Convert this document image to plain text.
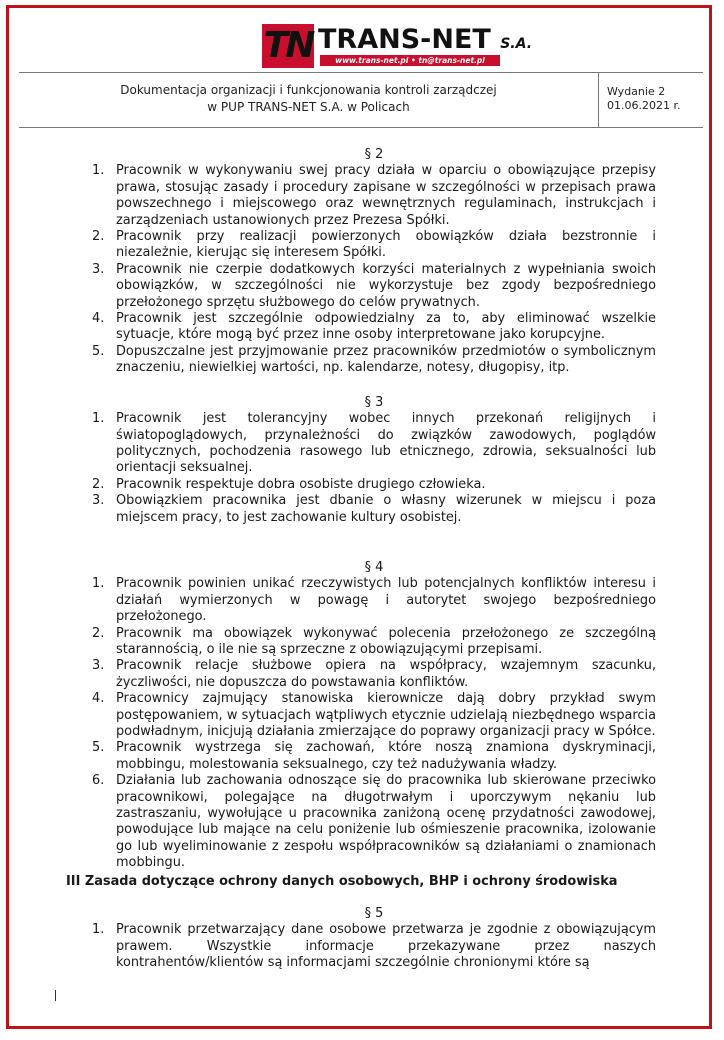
TN TRANS-NET S.A.
www.trans-net.pl • tn@trans-net.pl
Dokumentacja organizacji i funkcjonowania kontroli zarządczej
w PUP TRANS-NET S.A. w Policach
Wydanie 2
01.06.2021 r.

§ 2

1. Pracownik w wykonywaniu swej pracy działa w oparciu o obowiązujące przepisy prawa, stosując zasady i procedury zapisane w szczególności w przepisach prawa powszechnego i miejscowego oraz wewnętrznych regulaminach, instrukcjach i zarządzeniach ustanowionych przez Prezesa Spółki.
2. Pracownik przy realizacji powierzonych obowiązków działa bezstronnie i niezależnie, kierując się interesem Spółki.
3. Pracownik nie czerpie dodatkowych korzyści materialnych z wypełniania swoich obowiązków, w szczególności nie wykorzystuje bez zgody bezpośredniego przełożonego sprzętu służbowego do celów prywatnych.
4. Pracownik jest szczególnie odpowiedzialny za to, aby eliminować wszelkie sytuacje, które mogą być przez inne osoby interpretowane jako korupcyjne.
5. Dopuszczalne jest przyjmowanie przez pracowników przedmiotów o symbolicznym znaczeniu, niewielkiej wartości, np. kalendarze, notesy, długopisy, itp.

§ 3

1. Pracownik jest tolerancyjny wobec innych przekonań religijnych i światopoglądowych, przynależności do związków zawodowych, poglądów politycznych, pochodzenia rasowego lub etnicznego, zdrowia, seksualności lub orientacji seksualnej.
2. Pracownik respektuje dobra osobiste drugiego człowieka.
3. Obowiązkiem pracownika jest dbanie o własny wizerunek w miejscu i poza miejscem pracy, to jest zachowanie kultury osobistej.

§ 4

1. Pracownik powinien unikać rzeczywistych lub potencjalnych konfliktów interesu i działań wymierzonych w powagę i autorytet swojego bezpośredniego przełożonego.
2. Pracownik ma obowiązek wykonywać polecenia przełożonego ze szczególną starannością, o ile nie są sprzeczne z obowiązującymi przepisami.
3. Pracownik relacje służbowe opiera na współpracy, wzajemnym szacunku, życzliwości, nie dopuszcza do powstawania konfliktów.
4. Pracownicy zajmujący stanowiska kierownicze dają dobry przykład swym postępowaniem, w sytuacjach wątpliwych etycznie udzielają niezbędnego wsparcia podwładnym, inicjują działania zmierzające do poprawy organizacji pracy w Spółce.
5. Pracownik wystrzega się zachowań, które noszą znamiona dyskryminacji, mobbingu, molestowania seksualnego, czy też nadużywania władzy.
6. Działania lub zachowania odnoszące się do pracownika lub skierowane przeciwko pracownikowi, polegające na długotrwałym i uporczywym nękaniu lub zastraszaniu, wywołujące u pracownika zaniżoną ocenę przydatności zawodowej, powodujące lub mające na celu poniżenie lub ośmieszenie pracownika, izolowanie go lub wyeliminowanie z zespołu współpracowników są działaniami o znamionach mobbingu.
III Zasada dotyczące ochrony danych osobowych, BHP i ochrony środowiska

§ 5

1. Pracownik przetwarzający dane osobowe przetwarza je zgodnie z obowiązującym prawem. Wszystkie informacje przekazywane przez naszych kontrahentów/klientów są informacjami szczególnie chronionymi które są
